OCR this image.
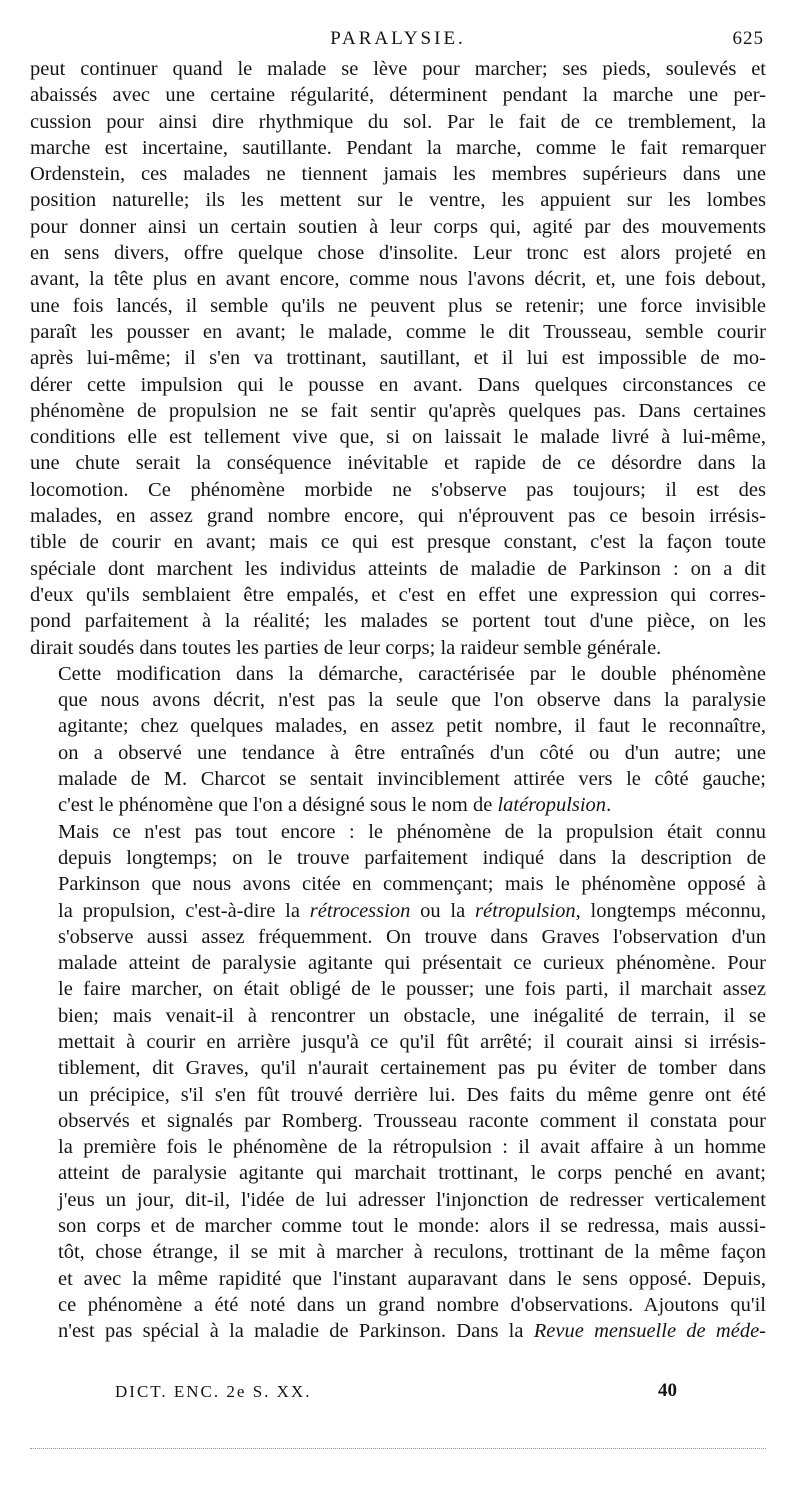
PARALYSIE.	625
peut continuer quand le malade se lève pour marcher; ses pieds, soulevés et
abaissés avec une certaine régularité, déterminent pendant la marche une per-
cussion pour ainsi dire rhythmique du sol. Par le fait de ce tremblement, la
marche est incertaine, sautillante. Pendant la marche, comme le fait remarquer
Ordenstein, ces malades ne tiennent jamais les membres supérieurs dans une
position naturelle; ils les mettent sur le ventre, les appuient sur les lombes
pour donner ainsi un certain soutien à leur corps qui, agité par des mouvements
en sens divers, offre quelque chose d'insolite. Leur tronc est alors projeté en
avant, la tête plus en avant encore, comme nous l'avons décrit, et, une fois debout,
une fois lancés, il semble qu'ils ne peuvent plus se retenir; une force invisible
paraît les pousser en avant; le malade, comme le dit Trousseau, semble courir
après lui-même; il s'en va trottinant, sautillant, et il lui est impossible de mo-
dérer cette impulsion qui le pousse en avant. Dans quelques circonstances ce
phénomène de propulsion ne se fait sentir qu'après quelques pas. Dans certaines
conditions elle est tellement vive que, si on laissait le malade livré à lui-même,
une chute serait la conséquence inévitable et rapide de ce désordre dans la
locomotion. Ce phénomène morbide ne s'observe pas toujours; il est des
malades, en assez grand nombre encore, qui n'éprouvent pas ce besoin irrésis-
tible de courir en avant; mais ce qui est presque constant, c'est la façon toute
spéciale dont marchent les individus atteints de maladie de Parkinson : on a dit
d'eux qu'ils semblaient être empalés, et c'est en effet une expression qui corres-
pond parfaitement à la réalité; les malades se portent tout d'une pièce, on les
dirait soudés dans toutes les parties de leur corps; la raideur semble générale.
Cette modification dans la démarche, caractérisée par le double phénomène
que nous avons décrit, n'est pas la seule que l'on observe dans la paralysie
agitante; chez quelques malades, en assez petit nombre, il faut le reconnaître,
on a observé une tendance à être entraînés d'un côté ou d'un autre; une
malade de M. Charcot se sentait invinciblement attirée vers le côté gauche;
c'est le phénomène que l'on a désigné sous le nom de latéropulsion.
Mais ce n'est pas tout encore : le phénomène de la propulsion était connu
depuis longtemps; on le trouve parfaitement indiqué dans la description de
Parkinson que nous avons citée en commençant; mais le phénomène opposé à
la propulsion, c'est-à-dire la rétrocession ou la rétropulsion, longtemps méconnu,
s'observe aussi assez fréquemment. On trouve dans Graves l'observation d'un
malade atteint de paralysie agitante qui présentait ce curieux phénomène. Pour
le faire marcher, on était obligé de le pousser; une fois parti, il marchait assez
bien; mais venait-il à rencontrer un obstacle, une inégalité de terrain, il se
mettait à courir en arrière jusqu'à ce qu'il fût arrêté; il courait ainsi si irrésis-
tiblement, dit Graves, qu'il n'aurait certainement pas pu éviter de tomber dans
un précipice, s'il s'en fût trouvé derrière lui. Des faits du même genre ont été
observés et signalés par Romberg. Trousseau raconte comment il constata pour
la première fois le phénomène de la rétropulsion : il avait affaire à un homme
atteint de paralysie agitante qui marchait trottinant, le corps penché en avant;
j'eus un jour, dit-il, l'idée de lui adresser l'injonction de redresser verticalement
son corps et de marcher comme tout le monde: alors il se redressa, mais aussi-
tôt, chose étrange, il se mit à marcher à reculons, trottinant de la même façon
et avec la même rapidité que l'instant auparavant dans le sens opposé. Depuis,
ce phénomène a été noté dans un grand nombre d'observations. Ajoutons qu'il
n'est pas spécial à la maladie de Parkinson. Dans la Revue mensuelle de méde-
DICT. ENC. 2e S. XX.	40
